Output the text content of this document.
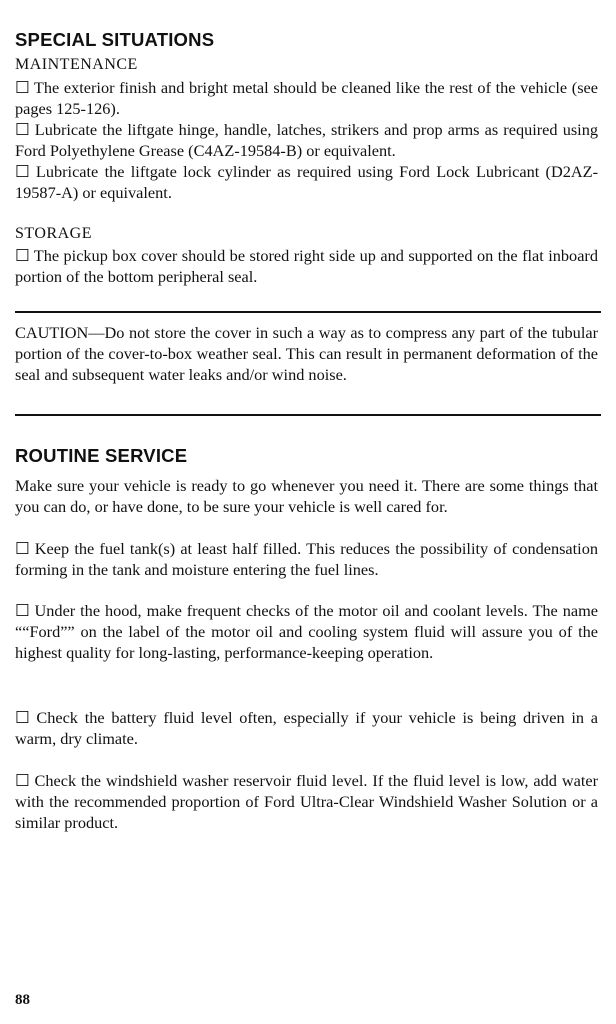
SPECIAL SITUATIONS
MAINTENANCE
☐ The exterior finish and bright metal should be cleaned like the rest of the vehicle (see pages 125-126).
☐ Lubricate the liftgate hinge, handle, latches, strikers and prop arms as required using Ford Polyethylene Grease (C4AZ-19584-B) or equivalent.
☐ Lubricate the liftgate lock cylinder as required using Ford Lock Lubricant (D2AZ-19587-A) or equivalent.
STORAGE
☐ The pickup box cover should be stored right side up and supported on the flat inboard portion of the bottom peripheral seal.
CAUTION—Do not store the cover in such a way as to compress any part of the tubular portion of the cover-to-box weather seal. This can result in permanent deformation of the seal and subsequent water leaks and/or wind noise.
ROUTINE SERVICE
Make sure your vehicle is ready to go whenever you need it. There are some things that you can do, or have done, to be sure your vehicle is well cared for.
☐ Keep the fuel tank(s) at least half filled. This reduces the possibility of condensation forming in the tank and moisture entering the fuel lines.
☐ Under the hood, make frequent checks of the motor oil and coolant levels. The name ““Ford”” on the label of the motor oil and cooling system fluid will assure you of the highest quality for long-lasting, performance-keeping operation.
☐ Check the battery fluid level often, especially if your vehicle is being driven in a warm, dry climate.
☐ Check the windshield washer reservoir fluid level. If the fluid level is low, add water with the recommended proportion of Ford Ultra-Clear Windshield Washer Solution or a similar product.
88
